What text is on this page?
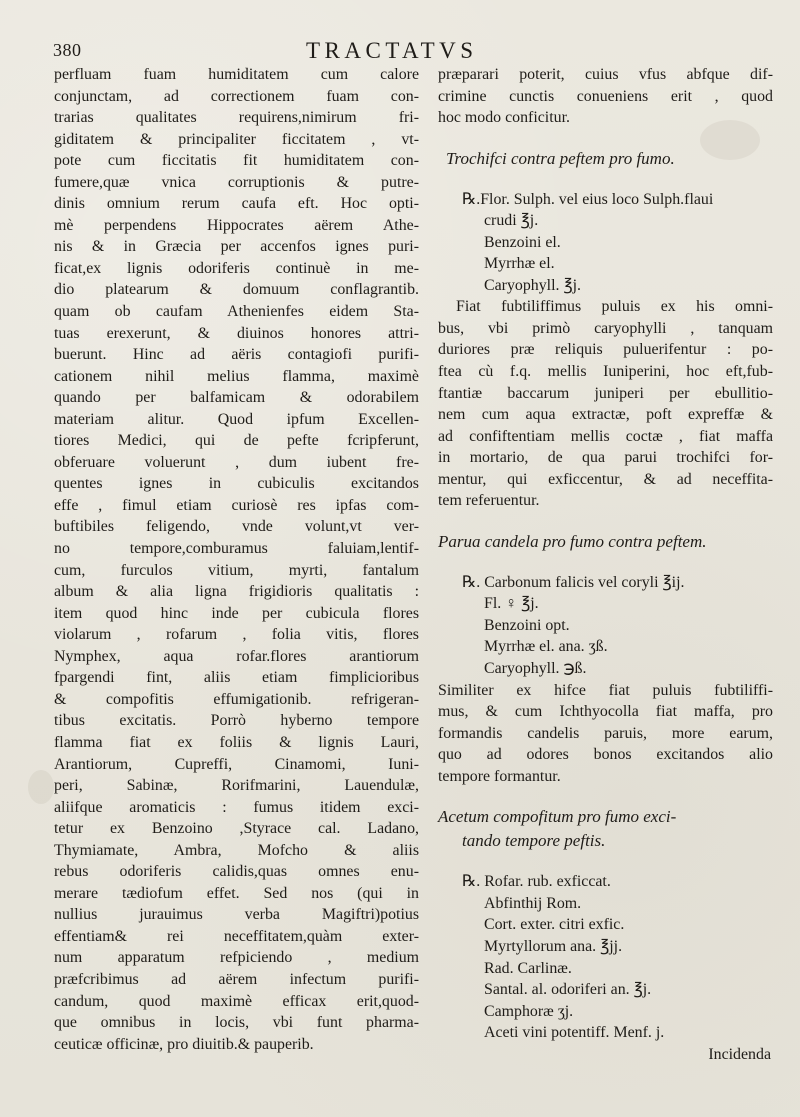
380	TRACTATVS
perfluam fuam humiditatem cum calore
conjunctam, ad correctionem fuam con-
trarias qualitates requirens,nimirum fri-
giditatem & principaliter ficcitatem , vt-
pote cum ficcitatis fit humiditatem con-
fumere,quæ vnica corruptionis & putre-
dinis omnium rerum caufa eft. Hoc opti-
mè perpendens Hippocrates aërem Athe-
nis & in Græcia per accenfos ignes puri-
ficat,ex lignis odoriferis continuè in me-
dio platearum & domuum conflagrantib.
quam ob caufam Athenienfes eidem Sta-
tuas erexerunt, & diuinos honores attri-
buerunt. Hinc ad aëris contagiofi purifi-
cationem nihil melius flamma, maximè
quando per balfamicam & odorabilem
materiam alitur. Quod ipfum Excellen-
tiores Medici, qui de pefte fcripferunt,
obferuare voluerunt , dum iubent fre-
quentes ignes in cubiculis excitandos
effe , fimul etiam curiosè res ipfas com-
buftibiles feligendo, vnde volunt,vt ver-
no tempore,comburamus faluiam,lentif-
cum, furculos vitium, myrti, fantalum
album & alia ligna frigidioris qualitatis :
item quod hinc inde per cubicula flores
violarum , rofarum , folia vitis, flores
Nymphex, aqua rofar.flores arantiorum
fpargendi fint, aliis etiam fimplicioribus
& compofitis effumigationib. refrigeran-
tibus excitatis. Porrò hyberno tempore
flamma fiat ex foliis & lignis Lauri,
Arantiorum, Cupreffi, Cinamomi, Iuni-
peri, Sabinæ, Rorifmarini, Lauendulæ,
aliifque aromaticis : fumus itidem exci-
tetur ex Benzoino ,Styrace cal. Ladano,
Thymiamate, Ambra, Mofcho & aliis
rebus odoriferis calidis,quas omnes enu-
merare tædiofum effet. Sed nos (qui in
nullius jurauimus verba Magiftri)potius
effentiam& rei neceffitatem,quàm exter-
num apparatum refpiciendo , medium
præfcribimus ad aërem infectum purifi-
candum, quod maximè efficax erit,quod-
que omnibus in locis, vbi funt pharma-
ceuticæ officinæ, pro diuitib.& pauperib.
præparari poterit, cuius vfus abfque dif-
crimine cunctis conueniens erit , quod
hoc modo conficitur.
Trochifci contra peftem pro fumo.
℞.Flor. Sulph. vel eius loco Sulph.flaui
crudi ℥j.
Benzoini el.
Myrrhæ el.
Caryophyll. ℥j.
Fiat fubtiliffimus puluis ex his omni-
bus, vbi primò caryophylli , tanquam
duriores præ reliquis puluerifentur : po-
ftea cù f.q. mellis Iuniperini, hoc eft,fub-
ftantiæ baccarum juniperi per ebullitio-
nem cum aqua extractæ, poft expreffæ &
ad confiftentiam mellis coctæ , fiat maffa
in mortario, de qua parui trochifci for-
mentur, qui exficcentur, & ad neceffita-
tem referuentur.
Parua candela pro fumo contra peftem.
℞. Carbonum falicis vel coryli ℥ij.
Fl. ♀ ℥j.
Benzoini opt.
Myrrhæ el. ana. ʒß.
Caryophyll. ℈ß.
Similiter ex hifce fiat puluis fubtiliffi-
mus, & cum Ichthyocolla fiat maffa, pro
formandis candelis paruis, more earum,
quo ad odores bonos excitandos alio
tempore formantur.
Acetum compofitum pro fumo exci-
tando tempore peftis.
℞. Rofar. rub. exficcat.
Abfinthij Rom.
Cort. exter. citri exfic.
Myrtyllorum ana. ℥jj.
Rad. Carlinæ.
Santal. al. odoriferi an. ℥j.
Camphoræ ʒj.
Aceti vini potentiff. Menf. j.
Incidenda
